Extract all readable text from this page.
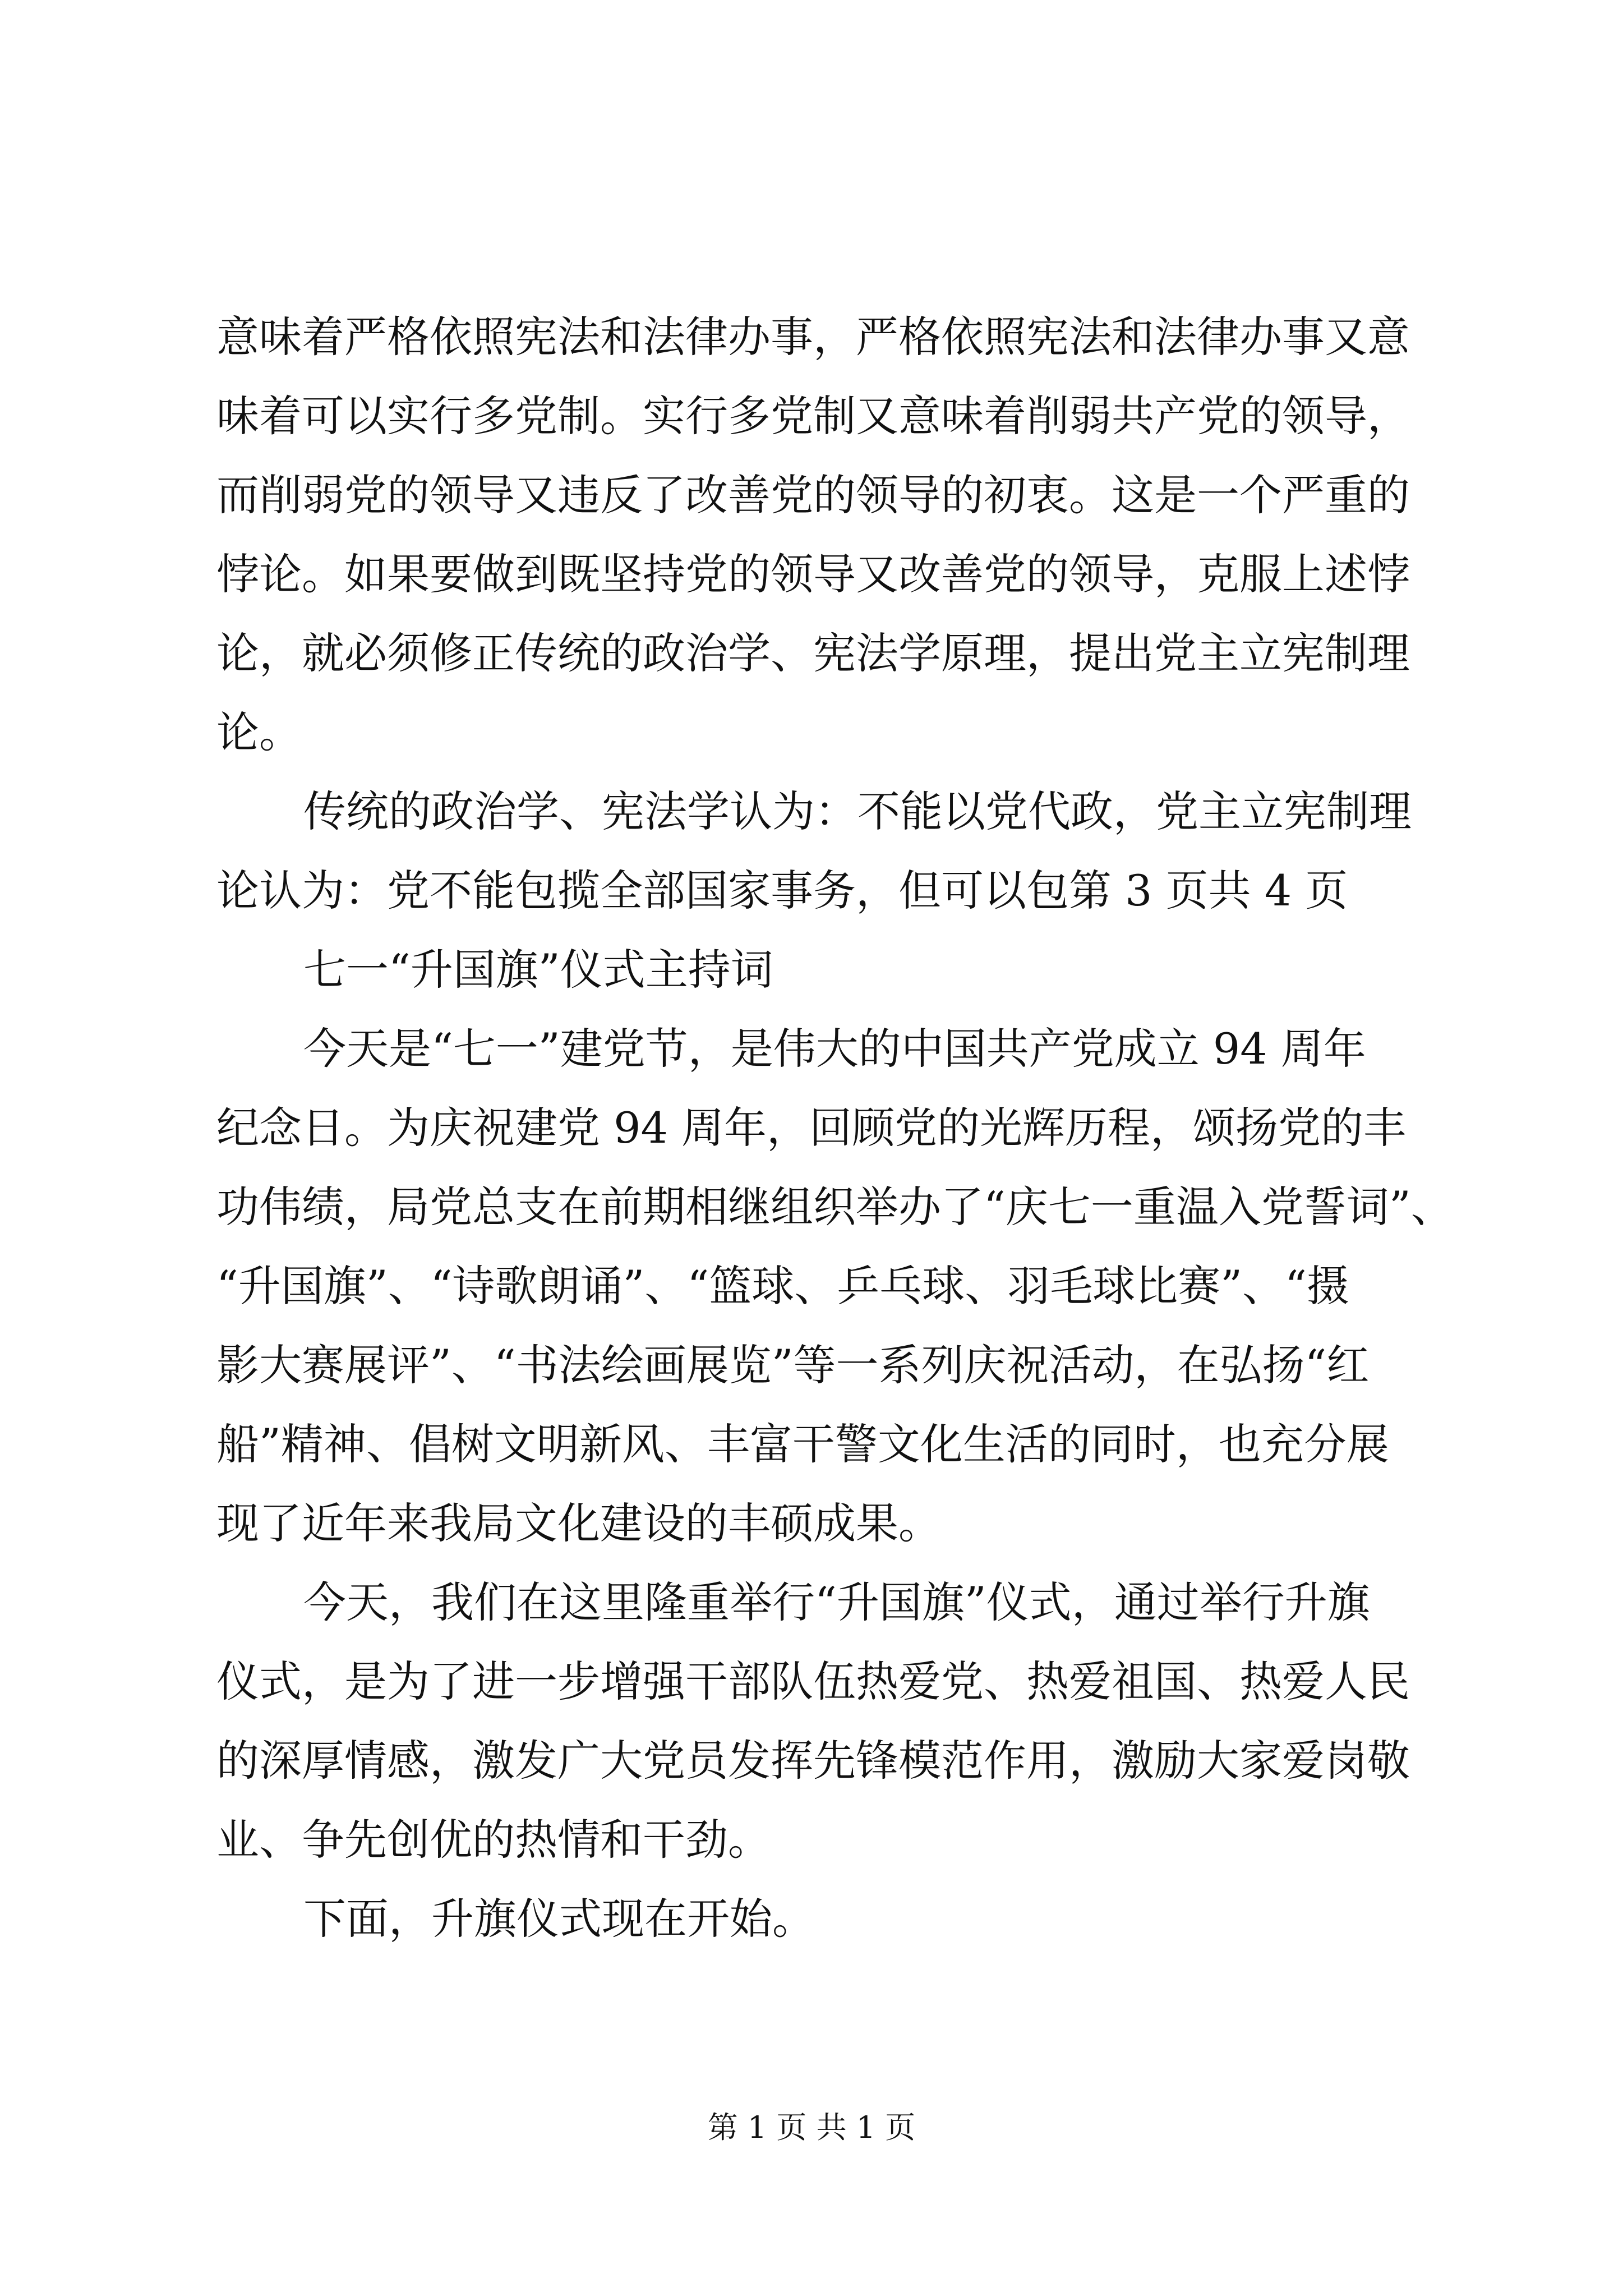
意味着严格依照宪法和法律办事，严格依照宪法和法律办事又意
味着可以实行多党制。实行多党制又意味着削弱共产党的领导，
而削弱党的领导又违反了改善党的领导的初衷。这是一个严重的
悖论。如果要做到既坚持党的领导又改善党的领导，克服上述悖
论，就必须修正传统的政治学、宪法学原理，提出党主立宪制理
论。
传统的政治学、宪法学认为：不能以党代政，党主立宪制理
论认为：党不能包揽全部国家事务，但可以包第 3 页共 4 页
七一“升国旗”仪式主持词
今天是“七一”建党节，是伟大的中国共产党成立 94 周年
纪念日。为庆祝建党 94 周年，回顾党的光辉历程，颂扬党的丰
功伟绩，局党总支在前期相继组织举办了“庆七一重温入党誓词”、
“升国旗”、“诗歌朗诵”、“篮球、乒乓球、羽毛球比赛”、“摄
影大赛展评”、“书法绘画展览”等一系列庆祝活动，在弘扬“红
船”精神、倡树文明新风、丰富干警文化生活的同时，也充分展
现了近年来我局文化建设的丰硕成果。
今天，我们在这里隆重举行“升国旗”仪式，通过举行升旗
仪式，是为了进一步增强干部队伍热爱党、热爱祖国、热爱人民
的深厚情感，激发广大党员发挥先锋模范作用，激励大家爱岗敬
业、争先创优的热情和干劲。
下面，升旗仪式现在开始。
第 1 页 共 1 页
